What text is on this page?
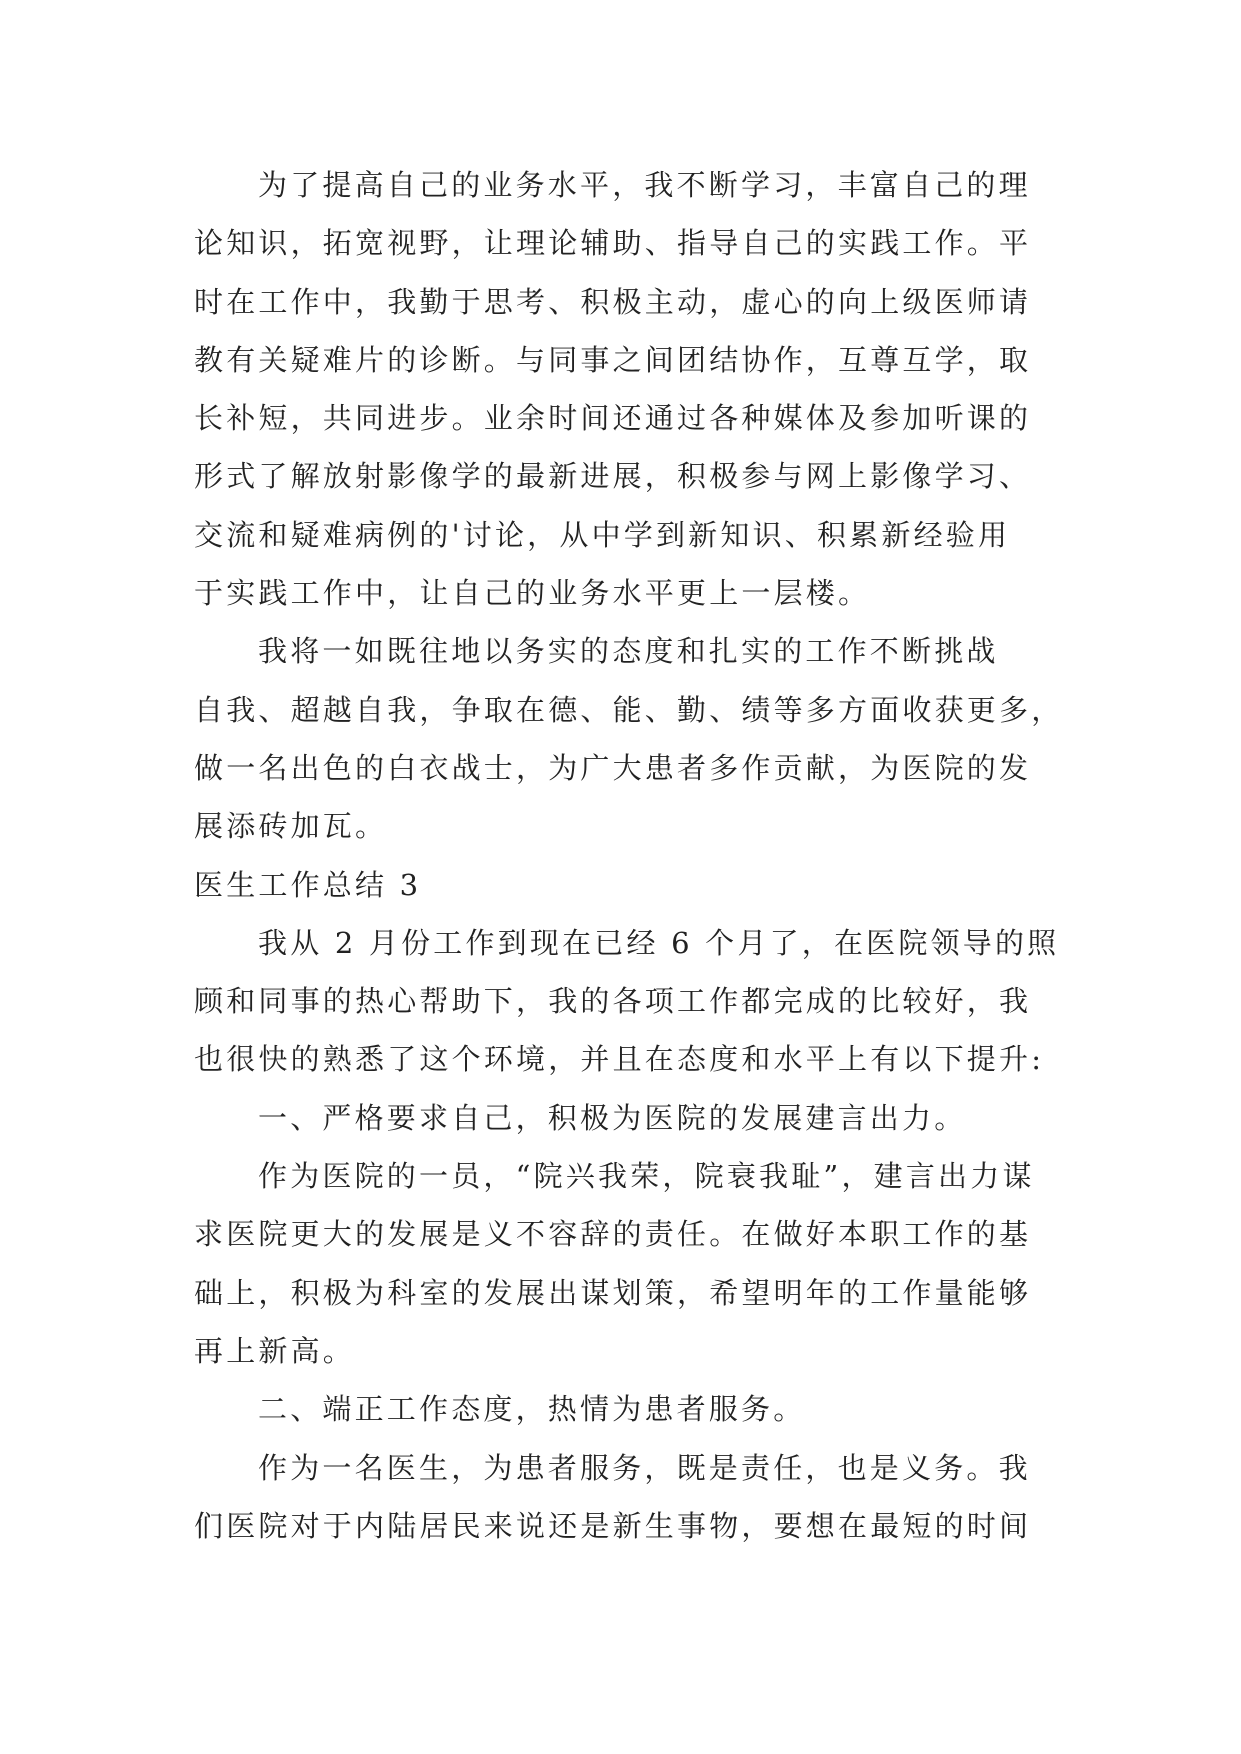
为了提高自己的业务水平，我不断学习，丰富自己的理
论知识，拓宽视野，让理论辅助、指导自己的实践工作。平
时在工作中，我勤于思考、积极主动，虚心的向上级医师请
教有关疑难片的诊断。与同事之间团结协作，互尊互学，取
长补短，共同进步。业余时间还通过各种媒体及参加听课的
形式了解放射影像学的最新进展，积极参与网上影像学习、
交流和疑难病例的'讨论，从中学到新知识、积累新经验用
于实践工作中，让自己的业务水平更上一层楼。
我将一如既往地以务实的态度和扎实的工作不断挑战
自我、超越自我，争取在德、能、勤、绩等多方面收获更多，
做一名出色的白衣战士，为广大患者多作贡献，为医院的发
展添砖加瓦。
医生工作总结 3
我从 2 月份工作到现在已经 6 个月了，在医院领导的照
顾和同事的热心帮助下，我的各项工作都完成的比较好，我
也很快的熟悉了这个环境，并且在态度和水平上有以下提升:
一、严格要求自己，积极为医院的发展建言出力。
作为医院的一员，“院兴我荣，院衰我耻”，建言出力谋
求医院更大的发展是义不容辞的责任。在做好本职工作的基
础上，积极为科室的发展出谋划策，希望明年的工作量能够
再上新高。
二、端正工作态度，热情为患者服务。
作为一名医生，为患者服务，既是责任，也是义务。我
们医院对于内陆居民来说还是新生事物，要想在最短的时间
